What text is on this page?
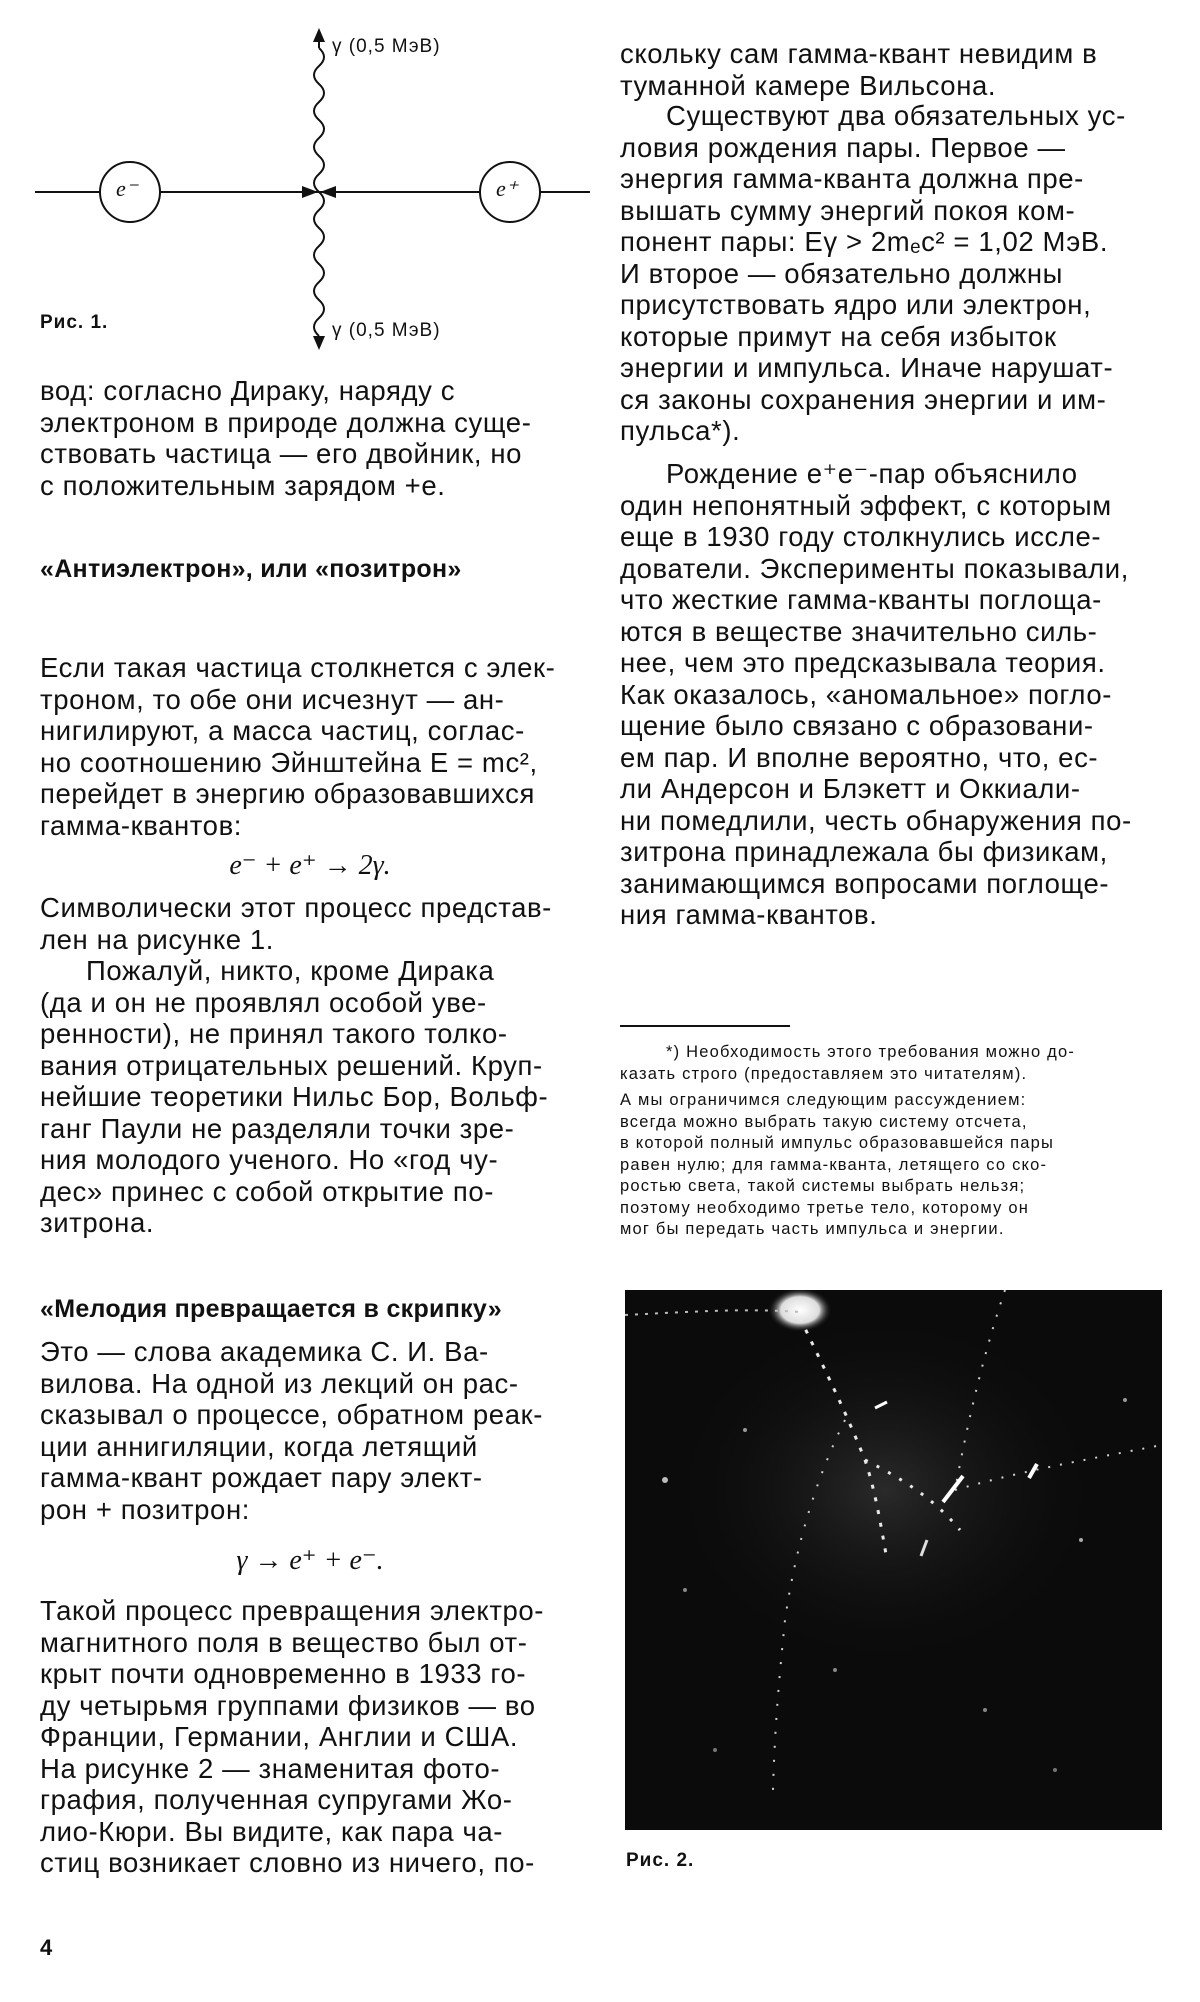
e⁻	e⁺
γ (0,5 МэВ)
γ (0,5 МэВ)
Рис. 1.

вод: согласно Дираку, наряду с
электроном в природе должна суще-
ствовать частица — его двойник, но
с положительным зарядом +e.

«Антиэлектрон», или «позитрон»

Если такая частица столкнется с элек-
троном, то обе они исчезнут — ан-
нигилируют, а масса частиц, соглас-
но соотношению Эйнштейна E = mc²,
перейдет в энергию образовавшихся
гамма-квантов:

e⁻ + e⁺ → 2γ.

Символически этот процесс представ-
лен на рисунке 1.

Пожалуй, никто, кроме Дирака
(да и он не проявлял особой уве-
ренности), не принял такого толко-
вания отрицательных решений. Круп-
нейшие теоретики Нильс Бор, Вольф-
ганг Паули не разделяли точки зре-
ния молодого ученого. Но «год чу-
дес» принес с собой открытие по-
зитрона.

«Мелодия превращается в скрипку»

Это — слова академика С. И. Ва-
вилова. На одной из лекций он рас-
сказывал о процессе, обратном реак-
ции аннигиляции, когда летящий
гамма-квант рождает пару элект-
рон + позитрон:

γ → e⁺ + e⁻.

Такой процесс превращения электро-
магнитного поля в вещество был от-
крыт почти одновременно в 1933 го-
ду четырьмя группами физиков — во
Франции, Германии, Англии и США.
На рисунке 2 — знаменитая фото-
графия, полученная супругами Жо-
лио-Кюри. Вы видите, как пара ча-
стиц возникает словно из ничего, по-

скольку сам гамма-квант невидим в
туманной камере Вильсона.

Существуют два обязательных ус-
ловия рождения пары. Первое —
энергия гамма-кванта должна пре-
вышать сумму энергий покоя ком-
понент пары: Eγ > 2mₑc² = 1,02 МэВ.
И второе — обязательно должны
присутствовать ядро или электрон,
которые примут на себя избыток
энергии и импульса. Иначе нарушат-
ся законы сохранения энергии и им-
пульса*).

Рождение e⁺e⁻-пар объяснило
один непонятный эффект, с которым
еще в 1930 году столкнулись иссле-
дователи. Эксперименты показывали,
что жесткие гамма-кванты поглоща-
ются в веществе значительно силь-
нее, чем это предсказывала теория.
Как оказалось, «аномальное» погло-
щение было связано с образовани-
ем пар. И вполне вероятно, что, ес-
ли Андерсон и Блэкетт и Оккиали-
ни помедлили, честь обнаружения по-
зитрона принадлежала бы физикам,
занимающимся вопросами поглоще-
ния гамма-квантов.

*) Необходимость этого требования можно до-
казать строго (предоставляем это читателям).

А мы ограничимся следующим рассуждением:
всегда можно выбрать такую систему отсчета,
в которой полный импульс образовавшейся пары
равен нулю; для гамма-кванта, летящего со ско-
ростью света, такой системы выбрать нельзя;
поэтому необходимо третье тело, которому он
мог бы передать часть импульса и энергии.

Рис. 2.
4
